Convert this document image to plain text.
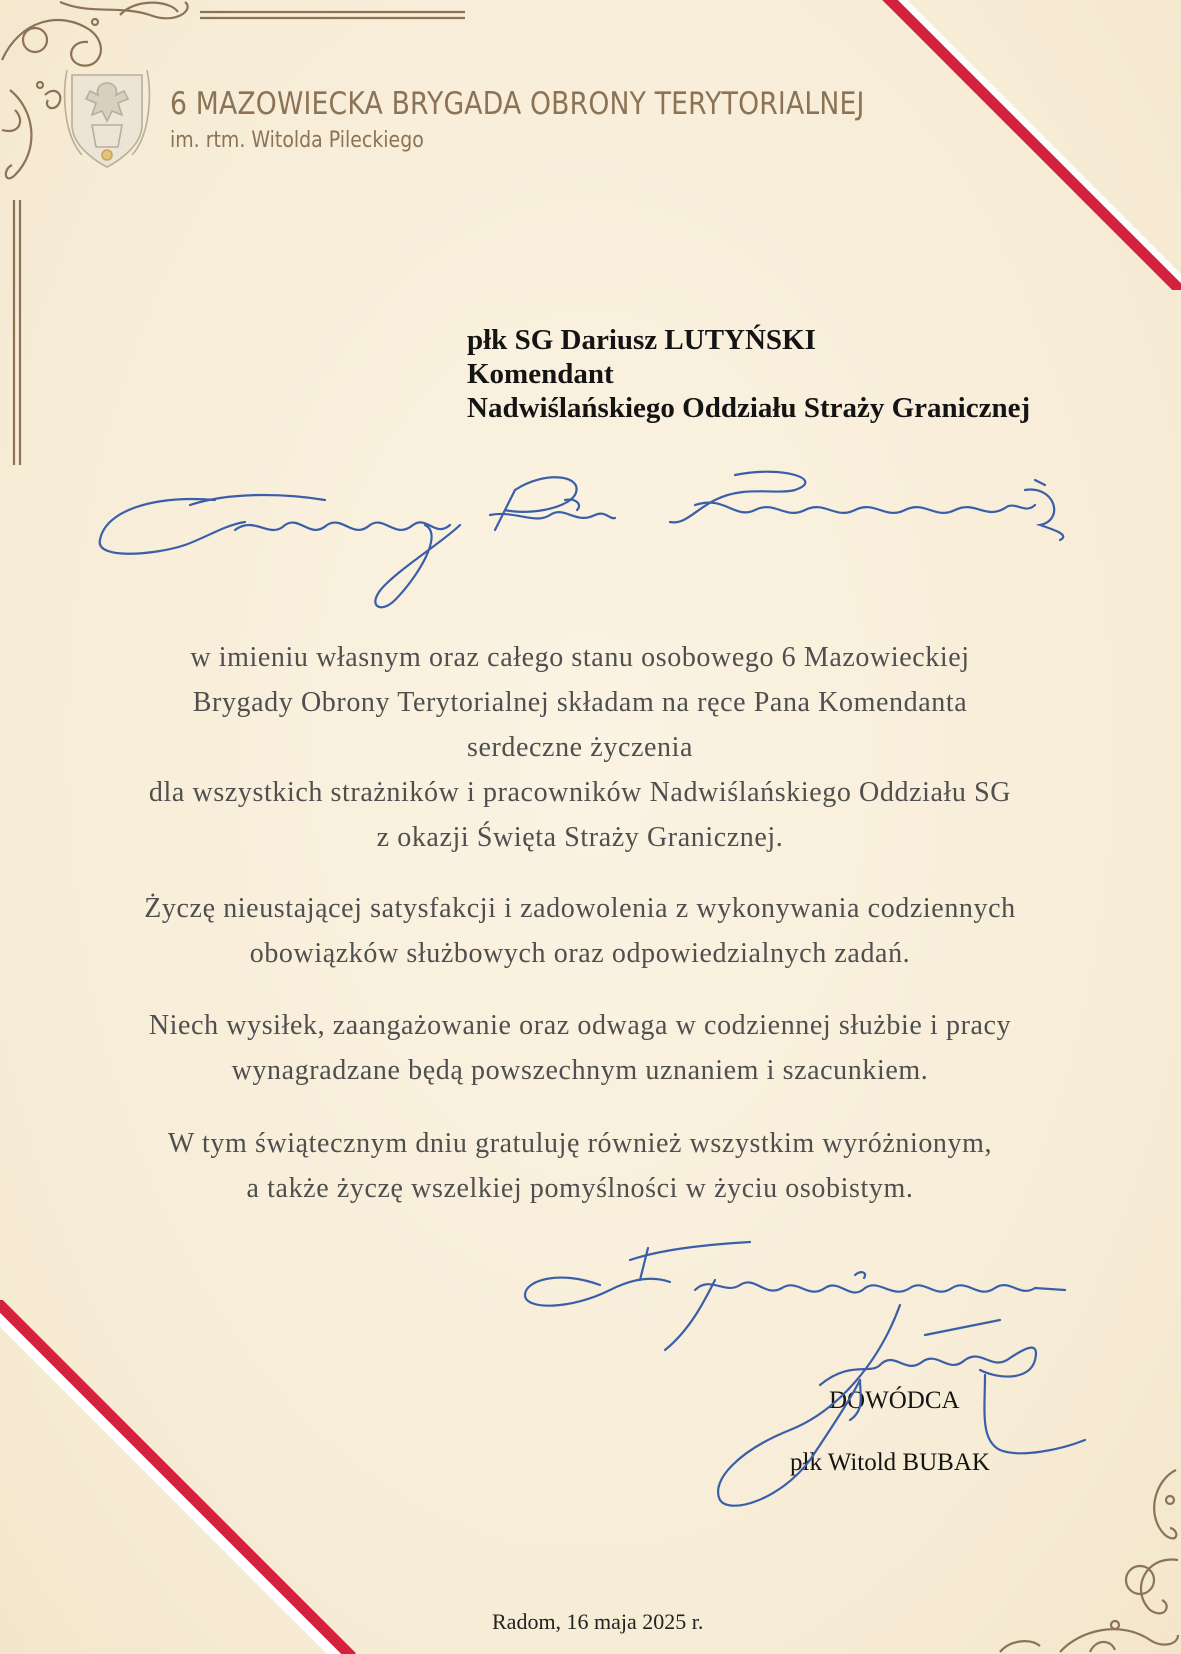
6 MAZOWIECKA BRYGADA OBRONY TERYTORIALNEJ
im. rtm. Witolda Pileckiego
płk SG Dariusz LUTYŃSKI
Komendant
Nadwiślańskiego Oddziału Straży Granicznej
w imieniu własnym oraz całego stanu osobowego 6 Mazowieckiej
Brygady Obrony Terytorialnej składam na ręce Pana Komendanta
serdeczne życzenia
dla wszystkich strażników i pracowników Nadwiślańskiego Oddziału SG
z okazji Święta Straży Granicznej.
Życzę nieustającej satysfakcji i zadowolenia z wykonywania codziennych
obowiązków służbowych oraz odpowiedzialnych zadań.
Niech wysiłek, zaangażowanie oraz odwaga w codziennej służbie i pracy
wynagradzane będą powszechnym uznaniem i szacunkiem.
W tym świątecznym dniu gratuluję również wszystkim wyróżnionym,
a także życzę wszelkiej pomyślności w życiu osobistym.
DOWÓDCA
płk Witold BUBAK
Radom, 16 maja 2025 r.
